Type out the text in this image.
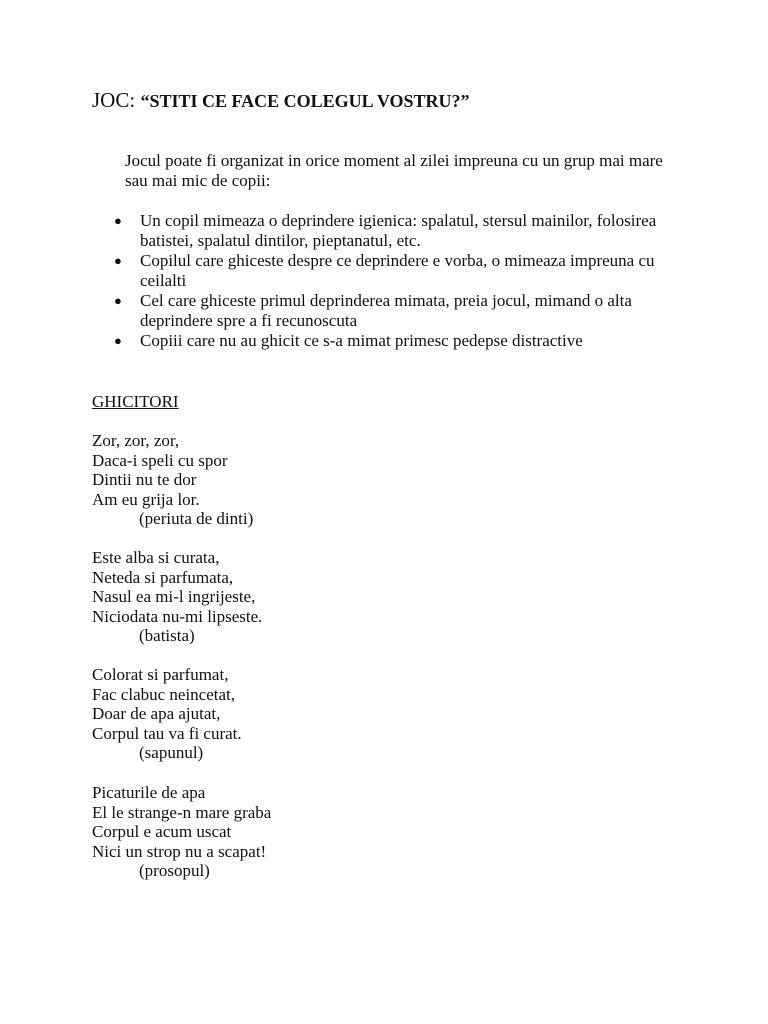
JOC: “STITI CE FACE COLEGUL VOSTRU?”
Jocul poate fi organizat in orice moment al zilei impreuna cu un grup mai mare sau mai mic de copii:
● Un copil mimeaza o deprindere igienica: spalatul, stersul mainilor, folosirea batistei, spalatul dintilor, pieptanatul, etc.
● Copilul care ghiceste despre ce deprindere e vorba, o mimeaza impreuna cu ceilalti
● Cel care ghiceste primul deprinderea mimata, preia jocul, mimand o alta deprindere spre a fi recunoscuta
● Copiii care nu au ghicit ce s-a mimat primesc pedepse distractive
GHICITORI
Zor, zor, zor,
Daca-i speli cu spor
Dintii nu te dor
Am eu grija lor.
(periuta de dinti)
Este alba si curata,
Neteda si parfumata,
Nasul ea mi-l ingrijeste,
Niciodata nu-mi lipseste.
(batista)
Colorat si parfumat,
Fac clabuc neincetat,
Doar de apa ajutat,
Corpul tau va fi curat.
(sapunul)
Picaturile de apa
El le strange-n mare graba
Corpul e acum uscat
Nici un strop nu a scapat!
(prosopul)
